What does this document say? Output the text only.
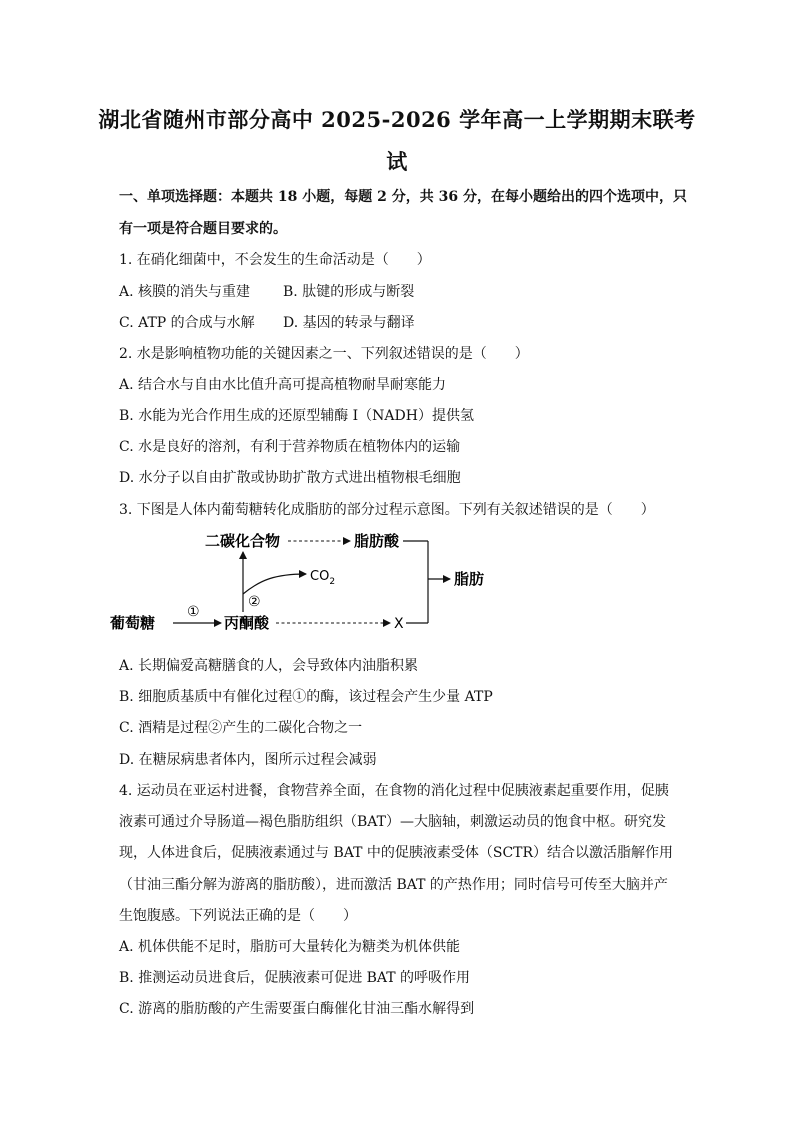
湖北省随州市部分高中 2025-2026 学年高一上学期期末联考
试
一、单项选择题：本题共 18 小题，每题 2 分，共 36 分，在每小题给出的四个选项中，只
有一项是符合题目要求的。
1. 在硝化细菌中，不会发生的生命活动是（　　）
A. 核膜的消失与重建 B. 肽键的形成与断裂
C. ATP 的合成与水解 D. 基因的转录与翻译
2. 水是影响植物功能的关键因素之一、下列叙述错误的是（　　）
A. 结合水与自由水比值升高可提高植物耐旱耐寒能力
B. 水能为光合作用生成的还原型辅酶 I（NADH）提供氢
C. 水是良好的溶剂，有利于营养物质在植物体内的运输
D. 水分子以自由扩散或协助扩散方式进出植物根毛细胞
3. 下图是人体内葡萄糖转化成脂肪的部分过程示意图。下列有关叙述错误的是（　　）
二碳化合物	脂肪酸
$CO_2$
②
脂肪
葡萄糖
①
丙酮酸	X
A. 长期偏爱高糖膳食的人，会导致体内油脂积累
B. 细胞质基质中有催化过程①的酶，该过程会产生少量 ATP
C. 酒精是过程②产生的二碳化合物之一
D. 在糖尿病患者体内，图所示过程会减弱
4. 运动员在亚运村进餐，食物营养全面，在食物的消化过程中促胰液素起重要作用，促胰
液素可通过介导肠道—褐色脂肪组织（BAT）—大脑轴，刺激运动员的饱食中枢。研究发
现，人体进食后，促胰液素通过与 BAT 中的促胰液素受体（SCTR）结合以激活脂解作用
（甘油三酯分解为游离的脂肪酸），进而激活 BAT 的产热作用；同时信号可传至大脑并产
生饱腹感。下列说法正确的是（　　）
A. 机体供能不足时，脂肪可大量转化为糖类为机体供能
B. 推测运动员进食后，促胰液素可促进 BAT 的呼吸作用
C. 游离的脂肪酸的产生需要蛋白酶催化甘油三酯水解得到
